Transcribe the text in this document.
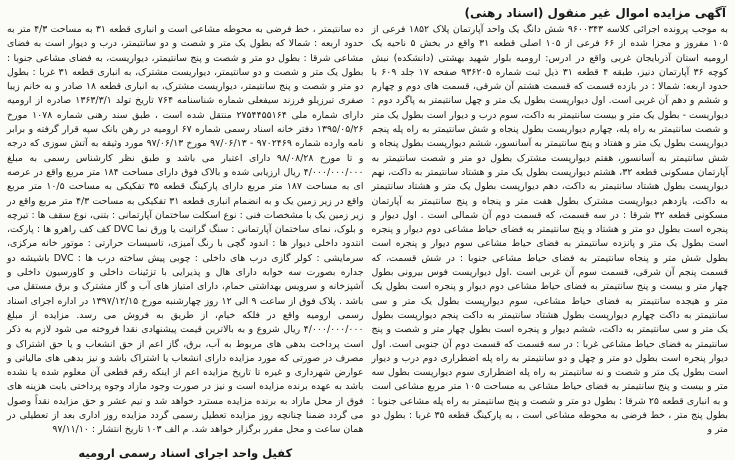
آگهی مزایده اموال غیر منقول (اسناد رهنی)

به موجب پرونده اجرائی کلاسه ۹۶۰۰۳۴۳ شش دانگ یک واحد آپارتمان پلاک ۱۸۵۲ فرعی از ۱۰۵ مفروز و مجزا شده از ۶۶ فرعی از ۱۰۵ اصلی قطعه ۳۱ واقع در بخش ۵ ناحیه یک ارومیه استان آذربایجان غربی واقع در ادرس: ارومیه بلوار شهید بهشتی (دانشکده) نبش کوچه ۳۶ آپارتمان دنیز، طبقه ۴ قطعه ۳۱ ذیل ثبت شماره ۹۳۶۲۰۵ صفحه ۱۷ جلد ۶۰۹ با حدود اربعه: شمالا : در بازده قسمت که قسمت هشتم آن شرقی، قسمت های دوم و چهارم و ششم و دهم آن غربی است. اول دیوارپست بطول یک متر و چهل سانتیمتر به پاگرد دوم : دیواریست - بطول یک متر و بیست سانتیمتر به داکت، سوم درب و دیوار است بطول یک متر و شصت سانتیمتر به راه پله، چهارم دیواریست بطول پنجاه و شش سانتیمتر به راه پله پنجم دیوارپست بطول یک متر و هفتاد و پنج سانتیمتر به آسانسور، ششم دیوارپست بطول پنجاه و شش سانتیمتر به آسانسور، هفتم دیوارپست مشترک بطول دو متر و شصت سانتیمتر به آپارتمان مسکونی قطعه ۳۲، هشتم دیوارپست بطول یک متر و هشتاد سانتیمتر به داکت، نهم دیوارپست بطول هشتاد سانتیمتر به داکت، دهم دیوارپست بطول یک متر و هشتاد سانتیمتر به داکت، یازدهم دیوارپست مشترک بطول هفت متر و پنجاه و پنج سانتیمتر به آپارتمان مسکونی قطعه ۳۲ شرقا : در سه قسمت، که قسمت دوم آن شمالی است . اول دیوار و پنجره است بطول دو متر و هشتاد و پنج سانتیمتر به فضای حیاط مشاعی دوم دیوار و پنجره است بطول یک متر و پانزده سانتیمتر به فضای حیاط مشاعی سوم دیوار و پنجره است بطول شش متر و پنجاه سانتیمتر به فضای حیاط مشاعی جنوبا : در شش قسمت، که قسمت پنجم آن شرقی، قسمت سوم آن غربی است .اول دیوارپست فوس بیرونی بطول چهار متر و بیست و پنج سانتیمتر به فضای حیاط مشاعی دوم دیوار و پنجره است بطول یک متر و هیجده سانتیمتر به فضای حیاط مشاعی، سوم دیوارپست بطول یک متر و سی سانتیمتر به داکت چهارم دیوارپست بطول هشتاد سانتیمتر به داکت پنجم دیوارپست بطول یک متر و سی سانتیمتر به داکت، ششم دیوار و پنجره است بطول چهار متر و شصت و پنج سانتیمتر به فضای حیاط مشاعی غربا : در سه قسمت که قسمت دوم آن جنوبی است. اول دیوار پنجره است بطول دو متر و چهل و دو سانتیمتر به راه پله اضطراری دوم درب و دیوار است بطول یک متر و شصت و نه سانتیمتر به راه پله اضطراری سوم دیوارپست بطول سه متر و بیست و پنج سانتیمتر به فضای حیاط مشاعی به مساحت ۱۰۵ متر مربع مشاعی است و به انباری قطعه ۲۵ شرقا : بطول دو متر و شصت و پنج سانتیمتر به راه پله مشاعی جنوبا : بطول پنج متر ، خط فرضی به محوطه مشاعی است ، به پارکینگ قطعه ۳۵ غربا : بطول دو متر و

ده سانتیمتر ، خط فرضی به محوطه مشاعی است و انباری قطعه ۳۱ به مساحت ۴/۳ متر به حدود اربعه : شمالا که بطول یک متر و شصت و دو سانتیمتر، درب و دیوار است به فضای مشاعی شرقا : بطول دو متر و شصت و پنج سانتیمتر، دیواریست، به فضای مشاعی جنوبا : بطول یک متر و شصت و دو سانتیمتر، دیواریست مشترک، به انباری قطعه ۳۱ غربا : بطول دو متر و شصت و پنج سانتیمتر، دیواریست مشترک، به انباری قطعه ۱۸ صادر و به خانم زیبا صفری تبرزیلو فرزند سیفعلی شماره شناسنامه ۷۶۴ تاریخ تولد ۱۳۶۳/۳/۱ صادره از ارومیه دارای شماره ملی ۲۷۵۴۴۵۵۱۶۴ منتقل شده است ، طبق سند رهنی شماره ۱۰۷۸ مورخ ۱۳۹۵/۰۵/۲۶ دفتر خانه اسناد رسمی شماره ۶۷ ارومیه در رهن بانک سپه قرار گرفته و برابر نامه وارده شماره ۹۷۰۲۴۶۹ - ۹۷/۰۶/۱۳ مورخ ۹۷/۰۶/۱۳ مورد وثیقه به آتش سوزی که درجه و تا مورخ ۹۸/۰۸/۲۸ دارای اعتبار می باشد و طبق نظر کارشناس رسمی به مبلغ ۴/۰۰۰/۰۰۰/۰۰۰ ریال ارزیابی شده و بالاک فوق دارای مساحت ۱۸۴ متر مربع واقع در عرصه ای به مساحت ۱۸۷ متر مربع دارای پارکینگ قطعه ۳۵ تفکیکی به مساحت ۱۰/۵ متر مربع واقع در زیر زمین یک و به انضمام انباری قطعه ۳۱ تفکیکی به مساحت ۴/۳ متر مربع واقع در زیر زمین یک با مشخصات فنی : نوع اسکلت ساختمان آپارتمانی : بتنی، نوع سقف ها : تیرچه و بلوک، نمای ساختمان آپارتمانی : سنگ گرانیت یا ورق نما DVC کف کف راهرو ها : پارکت، انتدود داخلی دیوار ها : اندود گچی با رنگ آمیزی، تاسیسات حرارتی : موتور خانه مرکزی، سرمایشی : کولر گازی درب های داخلی : چوبی پیش ساخته درب ها : DVC باشیشه دو جداره بصورت سه خوابه دارای هال و پذیرایی با تزئینات داخلی و کاورسیون داخلی و آشپزخانه و سرویس بهداشتی حمام، دارای امتیاز های آب و گاز مشترک و برق مستقل می باشد . پلاک فوق از ساعت ۹ الی ۱۲ روز چهارشنبه مورخ ۱۳۹۷/۱۲/۱۵ در اداره اجرای اسناد رسمی ارومیه واقع در فلکه خیام، از طریق به فروش می رسد. مزایده از مبلغ ۴/۰۰۰/۰۰۰/۰۰۰ ریال شروع و به بالاترین قیمت پیشنهادی نقدا فروخته می شود لازم به ذکر است پرداخت بدهی های مربوط به آب، برق، گاز اعم از حق انشعاب و یا حق اشتراک و مصرف در صورتی که مورد مزایده دارای انشعاب یا اشتراک باشد و نیز بدهی های مالیاتی و عوارض شهرداری و غیره تا تاریخ مزایده اعم از اینکه رقم قطعی آن معلوم شده یا نشده باشد به عهده برنده مزایده است و نیز در صورت وجود مازاد وجوه پرداختی بابت هزینه های فوق از محل مازاد به برنده مزایده مسترد خواهد شد و نیم عشر و حق مزایده نقداً وصول می گردد ضمنا چنانچه روز مزایده تعطیل رسمی گردد مزایده روز اداری بعد از تعطیلی در همان ساعت و محل مقرر برگزار خواهد شد. م الف ۱۰۳ تاریخ انتشار : ۹۷/۱۱/۱۰

کفیل واحد اجرای اسناد رسمی ارومیه
